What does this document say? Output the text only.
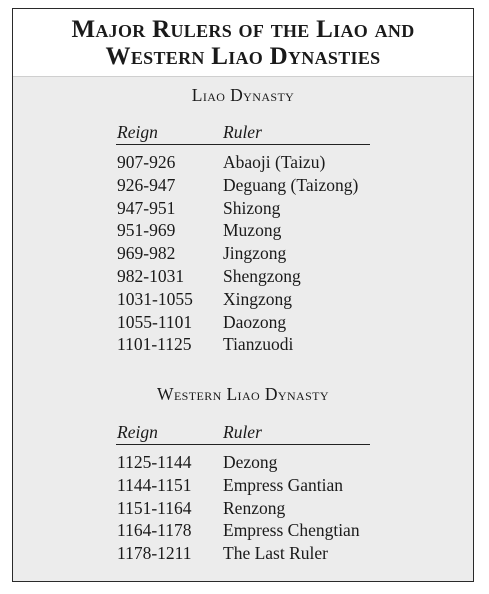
Major Rulers of the Liao and
Western Liao Dynasties
Liao Dynasty
Reign	Ruler
907-926	Abaoji (Taizu)
926-947	Deguang (Taizong)
947-951	Shizong
951-969	Muzong
969-982	Jingzong
982-1031 Shengzong
1031-1055 Xingzong
1055-1101 Daozong
1101-1125 Tianzuodi
Western Liao Dynasty
Reign	Ruler
1125-1144 Dezong
1144-1151 Empress Gantian
1151-1164 Renzong
1164-1178 Empress Chengtian
1178-1211 The Last Ruler
